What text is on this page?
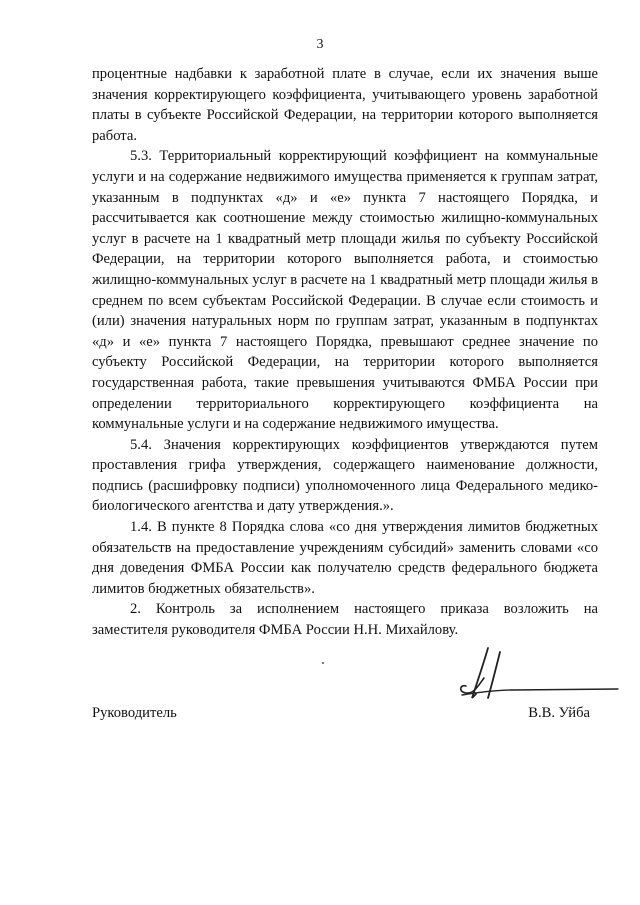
3

процентные надбавки к заработной плате в случае, если их значения выше значения корректирующего коэффициента, учитывающего уровень заработной платы в субъекте Российской Федерации, на территории которого выполняется работа.

5.3. Территориальный корректирующий коэффициент на коммунальные услуги и на содержание недвижимого имущества применяется к группам затрат, указанным в подпунктах «д» и «е» пункта 7 настоящего Порядка, и рассчитывается как соотношение между стоимостью жилищно-коммунальных услуг в расчете на 1 квадратный метр площади жилья по субъекту Российской Федерации, на территории которого выполняется работа, и стоимостью жилищно-коммунальных услуг в расчете на 1 квадратный метр площади жилья в среднем по всем субъектам Российской Федерации. В случае если стоимость и (или) значения натуральных норм по группам затрат, указанным в подпунктах «д» и «е» пункта 7 настоящего Порядка, превышают среднее значение по субъекту Российской Федерации, на территории которого выполняется государственная работа, такие превышения учитываются ФМБА России при определении территориального корректирующего коэффициента на коммунальные услуги и на содержание недвижимого имущества.

5.4. Значения корректирующих коэффициентов утверждаются путем проставления грифа утверждения, содержащего наименование должности, подпись (расшифровку подписи) уполномоченного лица Федерального медико-биологического агентства и дату утверждения.».

1.4. В пункте 8 Порядка слова «со дня утверждения лимитов бюджетных обязательств на предоставление учреждениям субсидий» заменить словами «со дня доведения ФМБА России как получателю средств федерального бюджета лимитов бюджетных обязательств».

2. Контроль за исполнением настоящего приказа возложить на заместителя руководителя ФМБА России Н.Н. Михайлову.

Руководитель	В.В. Уйба
